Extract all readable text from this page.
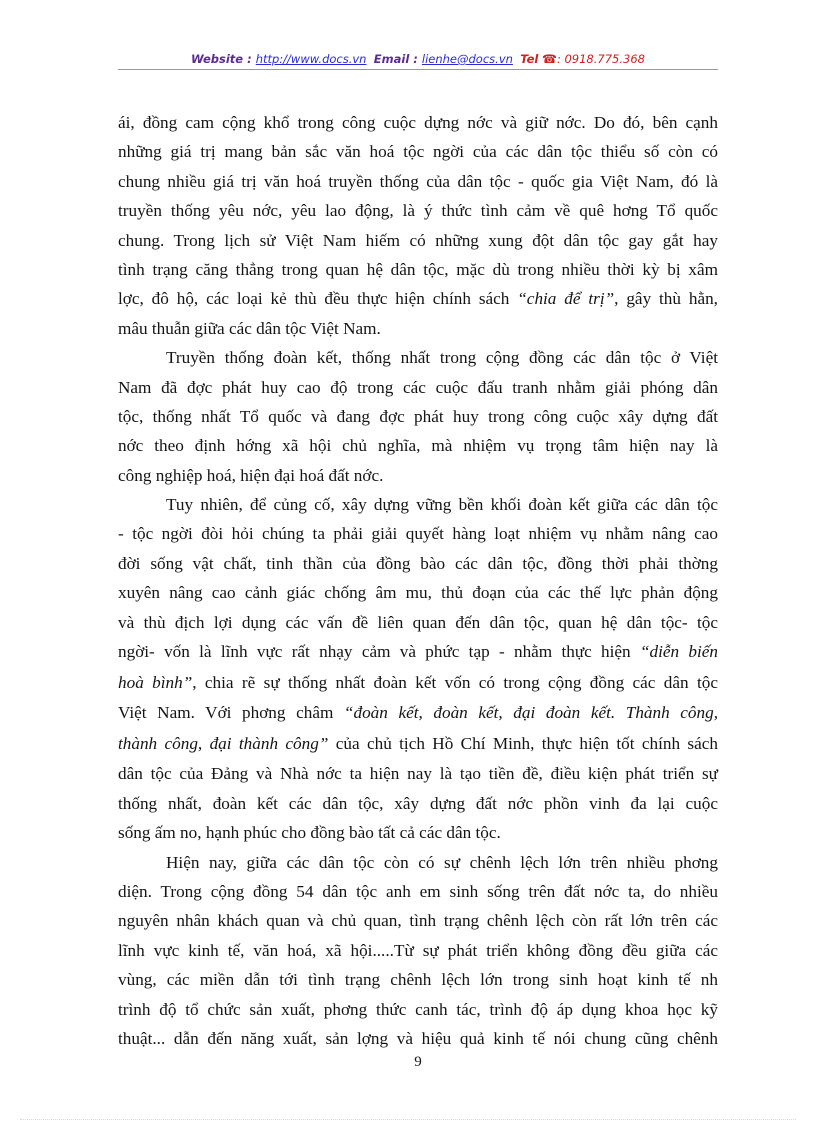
Website : http://www.docs.vn Email : lienhe@docs.vn Tel ☎: 0918.775.368
ái, đồng cam cộng khổ trong công cuộc dựng nớc và giữ nớc. Do đó, bên cạnh
những giá trị mang bản sắc văn hoá tộc ngời của các dân tộc thiểu số còn có
chung nhiều giá trị văn hoá truyền thống của dân tộc - quốc gia Việt Nam, đó là
truyền thống yêu nớc, yêu lao động, là ý thức tình cảm về quê hơng Tổ quốc
chung. Trong lịch sử Việt Nam hiếm có những xung đột dân tộc gay gắt hay
tình trạng căng thẳng trong quan hệ dân tộc, mặc dù trong nhiều thời kỳ bị xâm
lợc, đô hộ, các loại kẻ thù đều thực hiện chính sách “chia để trị”, gây thù hằn,
mâu thuẫn giữa các dân tộc Việt Nam.
Truyền thống đoàn kết, thống nhất trong cộng đồng các dân tộc ở Việt
Nam đã đợc phát huy cao độ trong các cuộc đấu tranh nhằm giải phóng dân
tộc, thống nhất Tổ quốc và đang đợc phát huy trong công cuộc xây dựng đất
nớc theo định hớng xã hội chủ nghĩa, mà nhiệm vụ trọng tâm hiện nay là
công nghiệp hoá, hiện đại hoá đất nớc.
Tuy nhiên, để củng cố, xây dựng vững bền khối đoàn kết giữa các dân tộc
- tộc ngời đòi hỏi chúng ta phải giải quyết hàng loạt nhiệm vụ nhằm nâng cao
đời sống vật chất, tinh thần của đồng bào các dân tộc, đồng thời phải thờng
xuyên nâng cao cảnh giác chống âm mu, thủ đoạn của các thế lực phản động
và thù địch lợi dụng các vấn đề liên quan đến dân tộc, quan hệ dân tộc- tộc
ngời- vốn là lĩnh vực rất nhạy cảm và phức tạp - nhằm thực hiện “diễn biến
hoà bình”, chia rẽ sự thống nhất đoàn kết vốn có trong cộng đồng các dân tộc
Việt Nam. Với phơng châm “đoàn kết, đoàn kết, đại đoàn kết. Thành công,
thành công, đại thành công” của chủ tịch Hồ Chí Minh, thực hiện tốt chính sách
dân tộc của Đảng và Nhà nớc ta hiện nay là tạo tiền đề, điều kiện phát triển sự
thống nhất, đoàn kết các dân tộc, xây dựng đất nớc phồn vinh đa lại cuộc
sống ấm no, hạnh phúc cho đồng bào tất cả các dân tộc.
Hiện nay, giữa các dân tộc còn có sự chênh lệch lớn trên nhiều phơng
diện. Trong cộng đồng 54 dân tộc anh em sinh sống trên đất nớc ta, do nhiều
nguyên nhân khách quan và chủ quan, tình trạng chênh lệch còn rất lớn trên các
lĩnh vực kinh tế, văn hoá, xã hội.....Từ sự phát triển không đồng đều giữa các
vùng, các miền dẫn tới tình trạng chênh lệch lớn trong sinh hoạt kinh tế nh
trình độ tổ chức sản xuất, phơng thức canh tác, trình độ áp dụng khoa học kỹ
thuật... dẫn đến năng xuất, sản lợng và hiệu quả kinh tế nói chung cũng chênh
9
